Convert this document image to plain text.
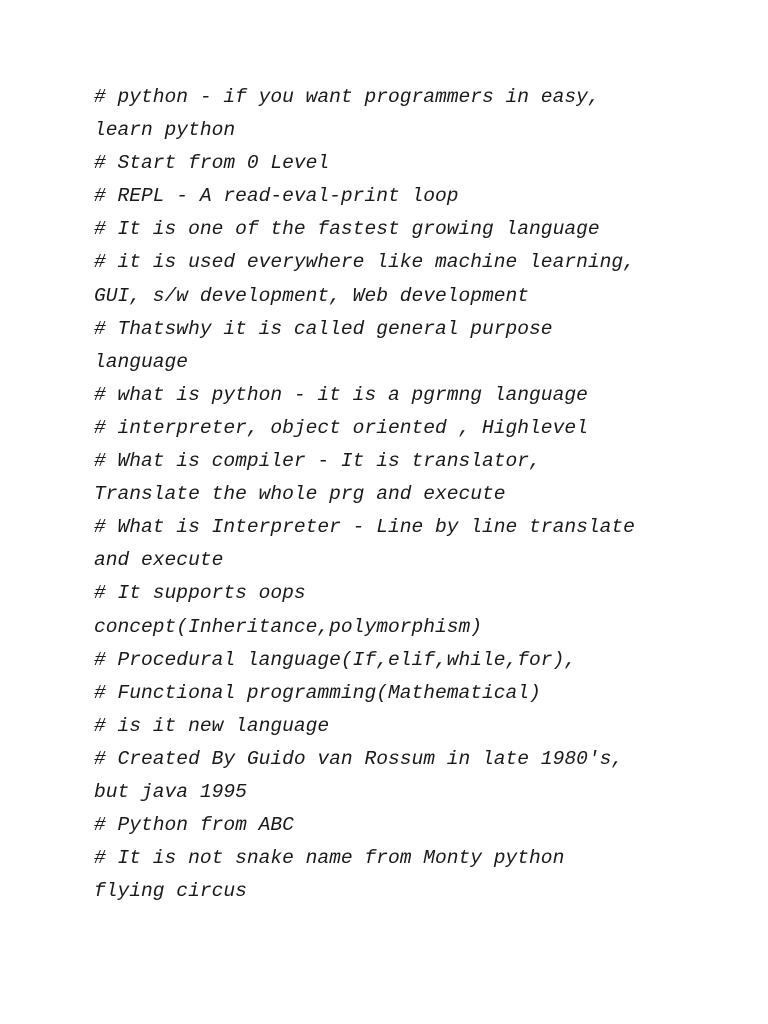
# python - if you want programmers in easy,
learn python
# Start from 0 Level
# REPL - A read-eval-print loop
# It is one of the fastest growing language
# it is used everywhere like machine learning,
GUI, s/w development, Web development
# Thatswhy it is called general purpose
language
# what is python - it is a pgrmng language
# interpreter, object oriented , Highlevel
# What is compiler - It is translator,
Translate the whole prg and execute
# What is Interpreter - Line by line translate
and execute
# It supports oops
concept(Inheritance,polymorphism)
# Procedural language(If,elif,while,for),
# Functional programming(Mathematical)
# is it new language
# Created By Guido van Rossum in late 1980's,
but java 1995
# Python from ABC
# It is not snake name from Monty python
flying circus
